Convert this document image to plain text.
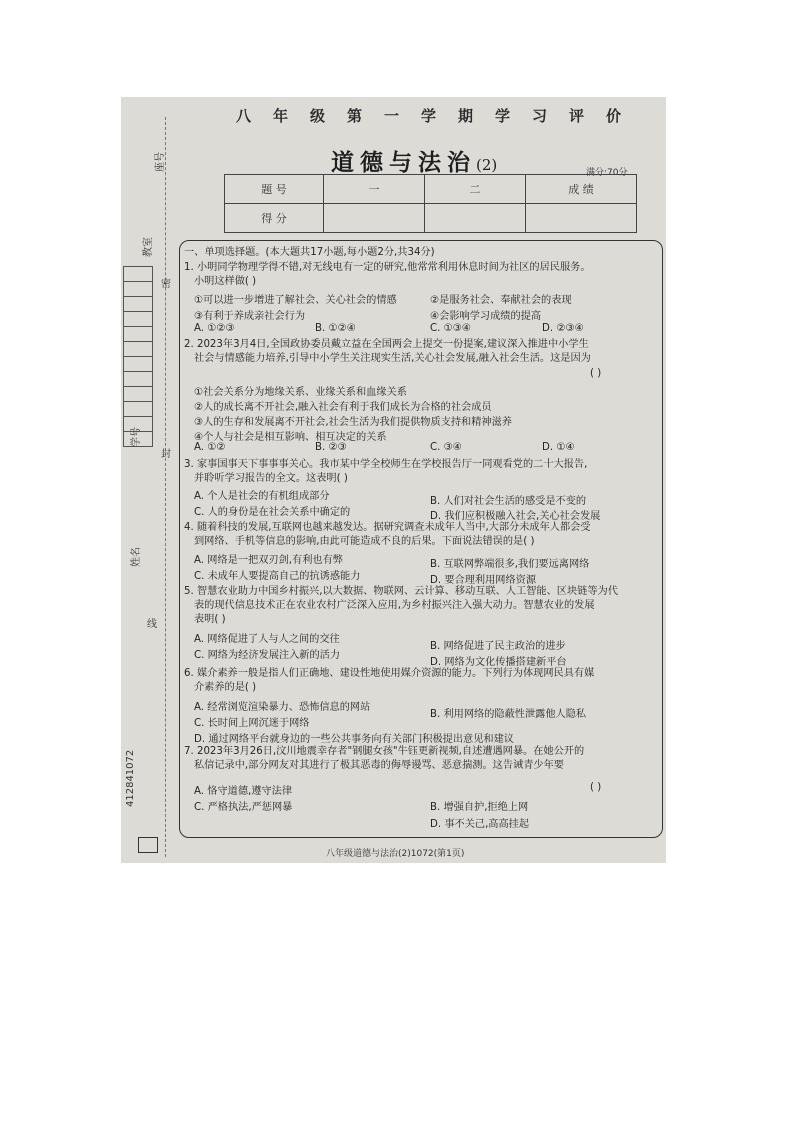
座号
教室
学号
姓名
密
封
线
412841072
八年级第一学期学习评价
道德与法治(2)	满分:70分
题 号	一	二	成 绩
得 分			
一、单项选择题。(本大题共17小题,每小题2分,共34分)
1. 小明同学物理学得不错,对无线电有一定的研究,他常常利用休息时间为社区的居民服务。
小明这样做( )
①可以进一步增进了解社会、关心社会的情感	②是服务社会、奉献社会的表现
③有利于养成亲社会行为	④会影响学习成绩的提高
A. ①②③	B. ①②④	C. ①③④	D. ②③④
2. 2023年3月4日,全国政协委员戴立益在全国两会上提交一份提案,建议深入推进中小学生
社会与情感能力培养,引导中小学生关注现实生活,关心社会发展,融入社会生活。这是因为
( )
①社会关系分为地缘关系、业缘关系和血缘关系
②人的成长离不开社会,融入社会有利于我们成长为合格的社会成员
③人的生存和发展离不开社会,社会生活为我们提供物质支持和精神滋养
④个人与社会是相互影响、相互决定的关系
A. ①②	B. ②③	C. ③④	D. ①④
3. 家事国事天下事事事关心。我市某中学全校师生在学校报告厅一同观看党的二十大报告,
并聆听学习报告的全文。这表明( )
A. 个人是社会的有机组成部分	B. 人们对社会生活的感受是不变的
C. 人的身份是在社会关系中确定的	D. 我们应积极融入社会,关心社会发展
4. 随着科技的发展,互联网也越来越发达。据研究调查未成年人当中,大部分未成年人都会受
到网络、手机等信息的影响,由此可能造成不良的后果。下面说法错误的是( )
A. 网络是一把双刃剑,有利也有弊	B. 互联网弊端很多,我们要远离网络
C. 未成年人要提高自己的抗诱惑能力	D. 要合理利用网络资源
5. 智慧农业助力中国乡村振兴,以大数据、物联网、云计算、移动互联、人工智能、区块链等为代
表的现代信息技术正在农业农村广泛深入应用,为乡村振兴注入强大动力。智慧农业的发展
表明( )
A. 网络促进了人与人之间的交往
B. 网络促进了民主政治的进步
C. 网络为经济发展注入新的活力
D. 网络为文化传播搭建新平台
6. 媒介素养一般是指人们正确地、建设性地使用媒介资源的能力。下列行为体现网民具有媒
介素养的是( )
A. 经常浏览渲染暴力、恐怖信息的网站
B. 利用网络的隐蔽性泄露他人隐私
C. 长时间上网沉迷于网络
D. 通过网络平台就身边的一些公共事务向有关部门积极提出意见和建议
7. 2023年3月26日,汶川地震幸存者"钢腿女孩"牛钰更新视频,自述遭遇网暴。在她公开的
私信记录中,部分网友对其进行了极其恶毒的侮辱谩骂、恶意揣测。这告诫青少年要
( )
A. 恪守道德,遵守法律
B. 增强自护,拒绝上网
C. 严格执法,严惩网暴
D. 事不关己,高高挂起
八年级道德与法治(2)1072(第1页)
